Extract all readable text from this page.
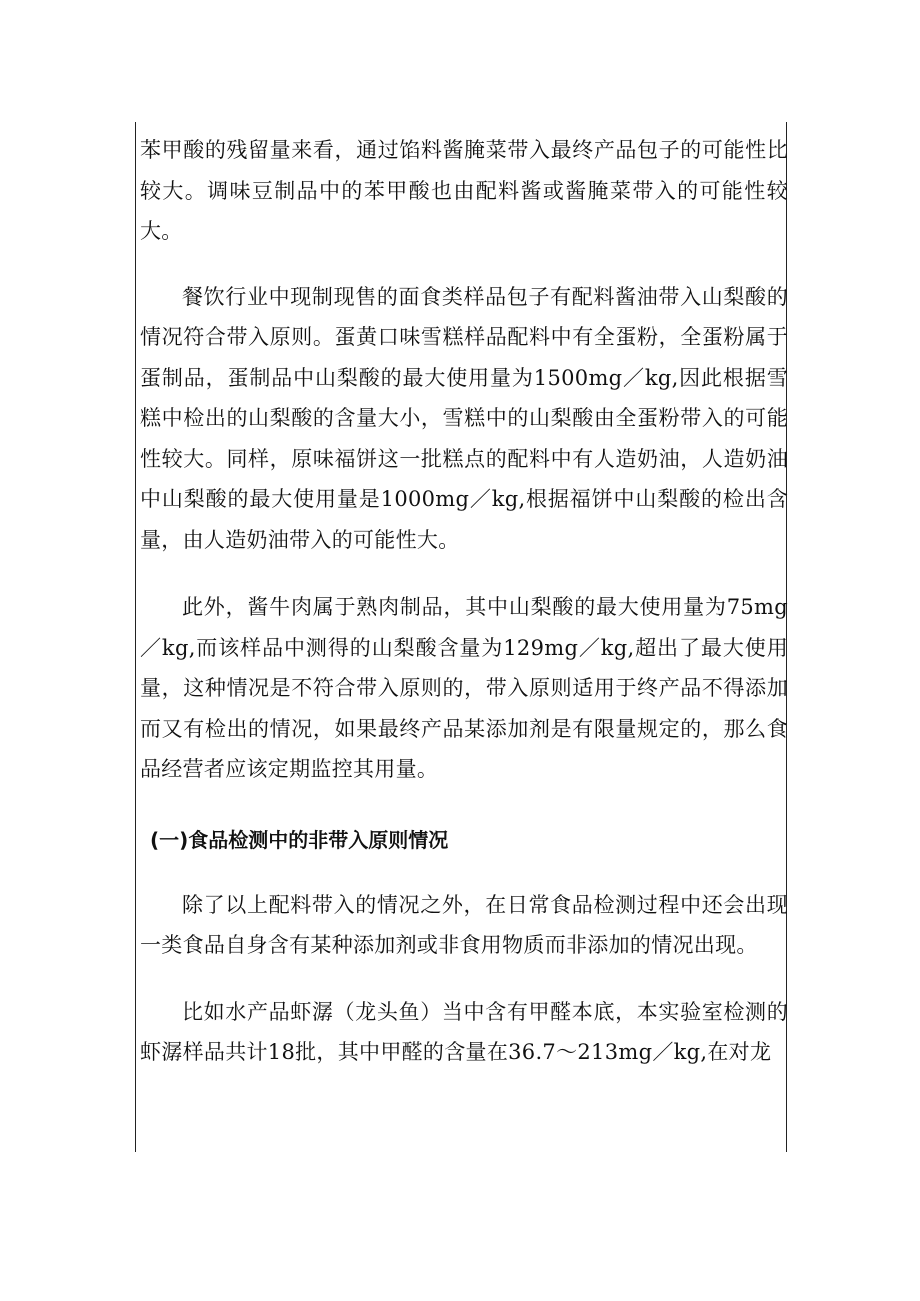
苯甲酸的残留量来看，通过馅料酱腌菜带入最终产品包子的可能性比较大。调味豆制品中的苯甲酸也由配料酱或酱腌菜带入的可能性较大。

餐饮行业中现制现售的面食类样品包子有配料酱油带入山梨酸的情况符合带入原则。蛋黄口味雪糕样品配料中有全蛋粉，全蛋粉属于蛋制品，蛋制品中山梨酸的最大使用量为1500mg／kg,因此根据雪糕中检出的山梨酸的含量大小，雪糕中的山梨酸由全蛋粉带入的可能性较大。同样，原味福饼这一批糕点的配料中有人造奶油，人造奶油中山梨酸的最大使用量是1000mg／kg,根据福饼中山梨酸的检出含量，由人造奶油带入的可能性大。

此外，酱牛肉属于熟肉制品，其中山梨酸的最大使用量为75mg／kg,而该样品中测得的山梨酸含量为129mg／kg,超出了最大使用量，这种情况是不符合带入原则的，带入原则适用于终产品不得添加而又有检出的情况，如果最终产品某添加剂是有限量规定的，那么食品经营者应该定期监控其用量。

(一)食品检测中的非带入原则情况

除了以上配料带入的情况之外，在日常食品检测过程中还会出现一类食品自身含有某种添加剂或非食用物质而非添加的情况出现。

比如水产品虾潺（龙头鱼）当中含有甲醛本底，本实验室检测的虾潺样品共计18批，其中甲醛的含量在36.7～213mg／kg,在对龙
